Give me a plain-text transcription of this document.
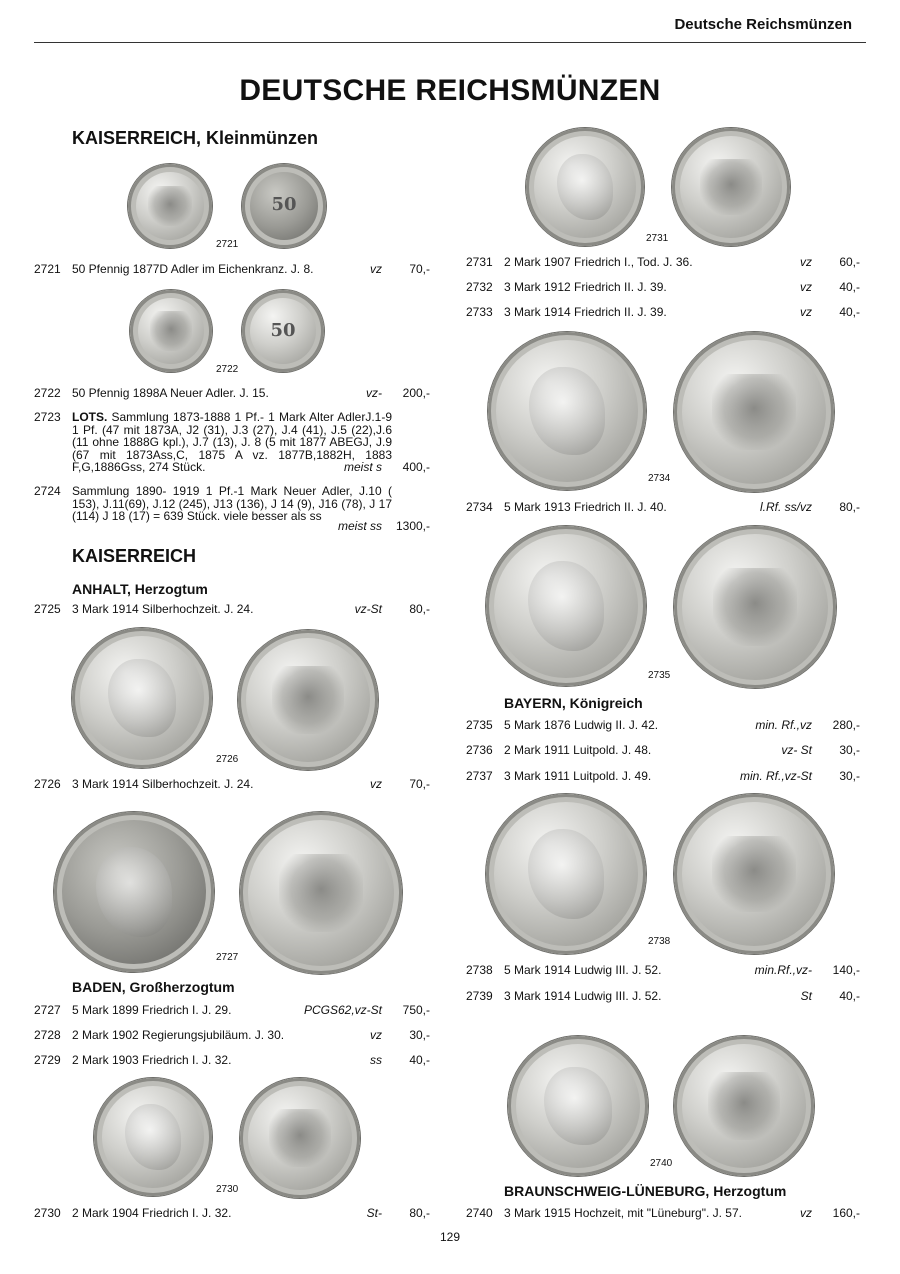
Deutsche Reichsmünzen
DEUTSCHE REICHSMÜNZEN
KAISERREICH, Kleinmünzen
50
2721
2721 50 Pfennig 1877D Adler im Eichenkranz. J. 8.	vz 70,-
50
2722
2722 50 Pfennig 1898A Neuer Adler. J. 15.	vz- 200,-
2723 LOTS. Sammlung 1873-1888 1 Pf.- 1 Mark Alter AdlerJ.1-9 1 Pf. (47 mit 1873A, J2 (31), J.3 (27), J.4 (41), J.5 (22),J.6 (11 ohne 1888G kpl.), J.7 (13), J. 8 (5 mit 1877 ABEGJ, J.9 (67 mit 1873Ass,C, 1875 A vz. 1877B,1882H, 1883 F,G,1886Gss, 274 Stück.	meist s 400,-
2724 Sammlung 1890- 1919 1 Pf.-1 Mark Neuer Adler, J.10 ( 153), J.11(69), J.12 (245), J13 (136), J 14 (9), J16 (78), J 17 (114) J 18 (17) = 639 Stück. viele besser als ss
meist ss 1300,-
KAISERREICH
ANHALT, Herzogtum
2725 3 Mark 1914 Silberhochzeit. J. 24.	vz-St 80,-
2726
2726 3 Mark 1914 Silberhochzeit. J. 24.	vz 70,-
2727
BADEN, Großherzogtum
2727 5 Mark 1899 Friedrich I. J. 29.	PCGS62,vz-St 750,-
2728 2 Mark 1902 Regierungsjubiläum. J. 30.	vz 30,-
2729 2 Mark 1903 Friedrich I. J. 32.	ss 40,-
2730
2730 2 Mark 1904 Friedrich I. J. 32.	St- 80,-
2731
2731 2 Mark 1907 Friedrich I., Tod. J. 36.	vz 60,-
2732 3 Mark 1912 Friedrich II. J. 39.	vz 40,-
2733 3 Mark 1914 Friedrich II. J. 39.	vz 40,-
2734
2734 5 Mark 1913 Friedrich II. J. 40.	l.Rf. ss/vz 80,-
2735
BAYERN, Königreich
2735 5 Mark 1876 Ludwig II. J. 42.	min. Rf.,vz 280,-
2736 2 Mark 1911 Luitpold. J. 48.	vz- St 30,-
2737 3 Mark 1911 Luitpold. J. 49.	min. Rf.,vz-St 30,-
2738
2738 5 Mark 1914 Ludwig III. J. 52.	min.Rf.,vz- 140,-
2739 3 Mark 1914 Ludwig III. J. 52.	St 40,-
2740
BRAUNSCHWEIG-LÜNEBURG, Herzogtum
2740 3 Mark 1915 Hochzeit, mit "Lüneburg". J. 57.	vz 160,-
129
